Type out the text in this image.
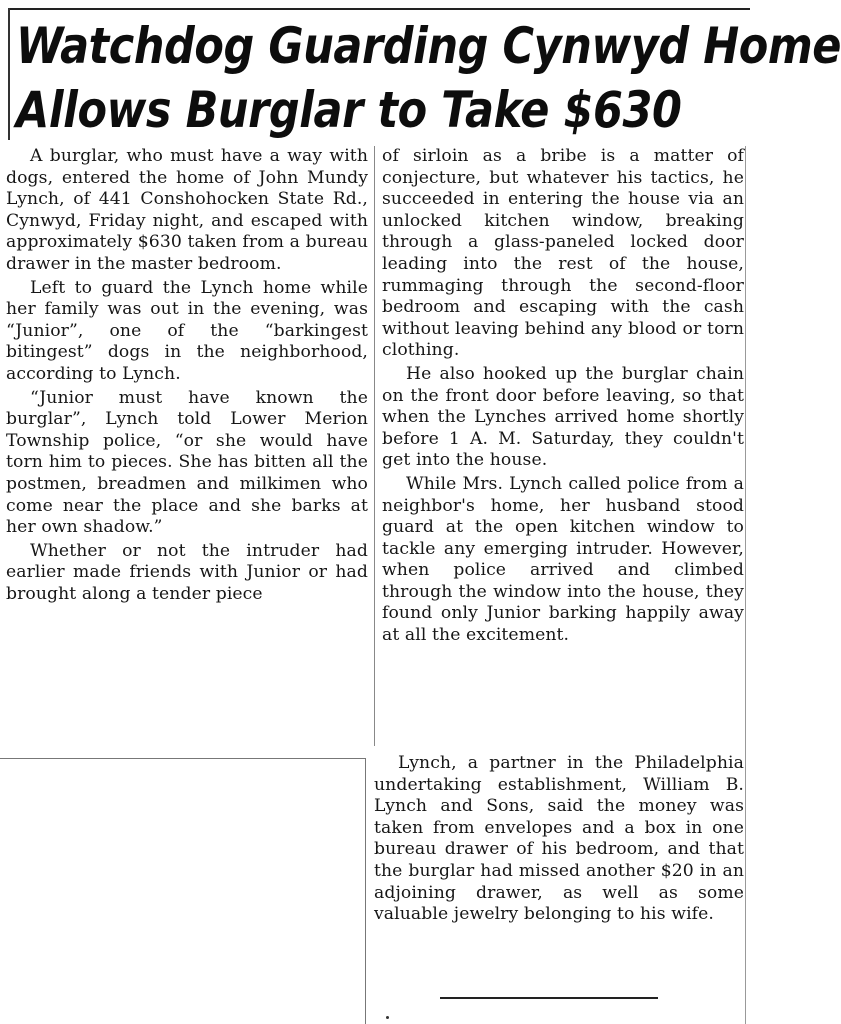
Watchdog Guarding Cynwyd Home
Allows Burglar to Take $630

A burglar, who must have a way with dogs, entered the home of John Mundy Lynch, of 441 Conshohocken State Rd., Cynwyd, Friday night, and escaped with approximately $630 taken from a bureau drawer in the master bedroom.

Left to guard the Lynch home while her family was out in the evening, was “Junior”, one of the “barkingest bitingest” dogs in the neighborhood, according to Lynch.

“Junior must have known the burglar”, Lynch told Lower Merion Township police, “or she would have torn him to pieces. She has bitten all the postmen, breadmen and milkimen who come near the place and she barks at her own shadow.”

Whether or not the intruder had earlier made friends with Junior or had brought along a tender piece

of sirloin as a bribe is a matter of conjecture, but whatever his tactics, he succeeded in entering the house via an unlocked kitchen window, breaking through a glass-paneled locked door leading into the rest of the house, rummaging through the second-floor bedroom and escaping with the cash without leaving behind any blood or torn clothing.

He also hooked up the burglar chain on the front door before leaving, so that when the Lynches arrived home shortly before 1 A. M. Saturday, they couldn't get into the house.

While Mrs. Lynch called police from a neighbor's home, her husband stood guard at the open kitchen window to tackle any emerging intruder. However, when police arrived and climbed through the window into the house, they found only Junior barking happily away at all the excitement.

Lynch, a partner in the Philadelphia undertaking establishment, William B. Lynch and Sons, said the money was taken from envelopes and a box in one bureau drawer of his bedroom, and that the burglar had missed another $20 in an adjoining drawer, as well as some valuable jewelry belonging to his wife.
